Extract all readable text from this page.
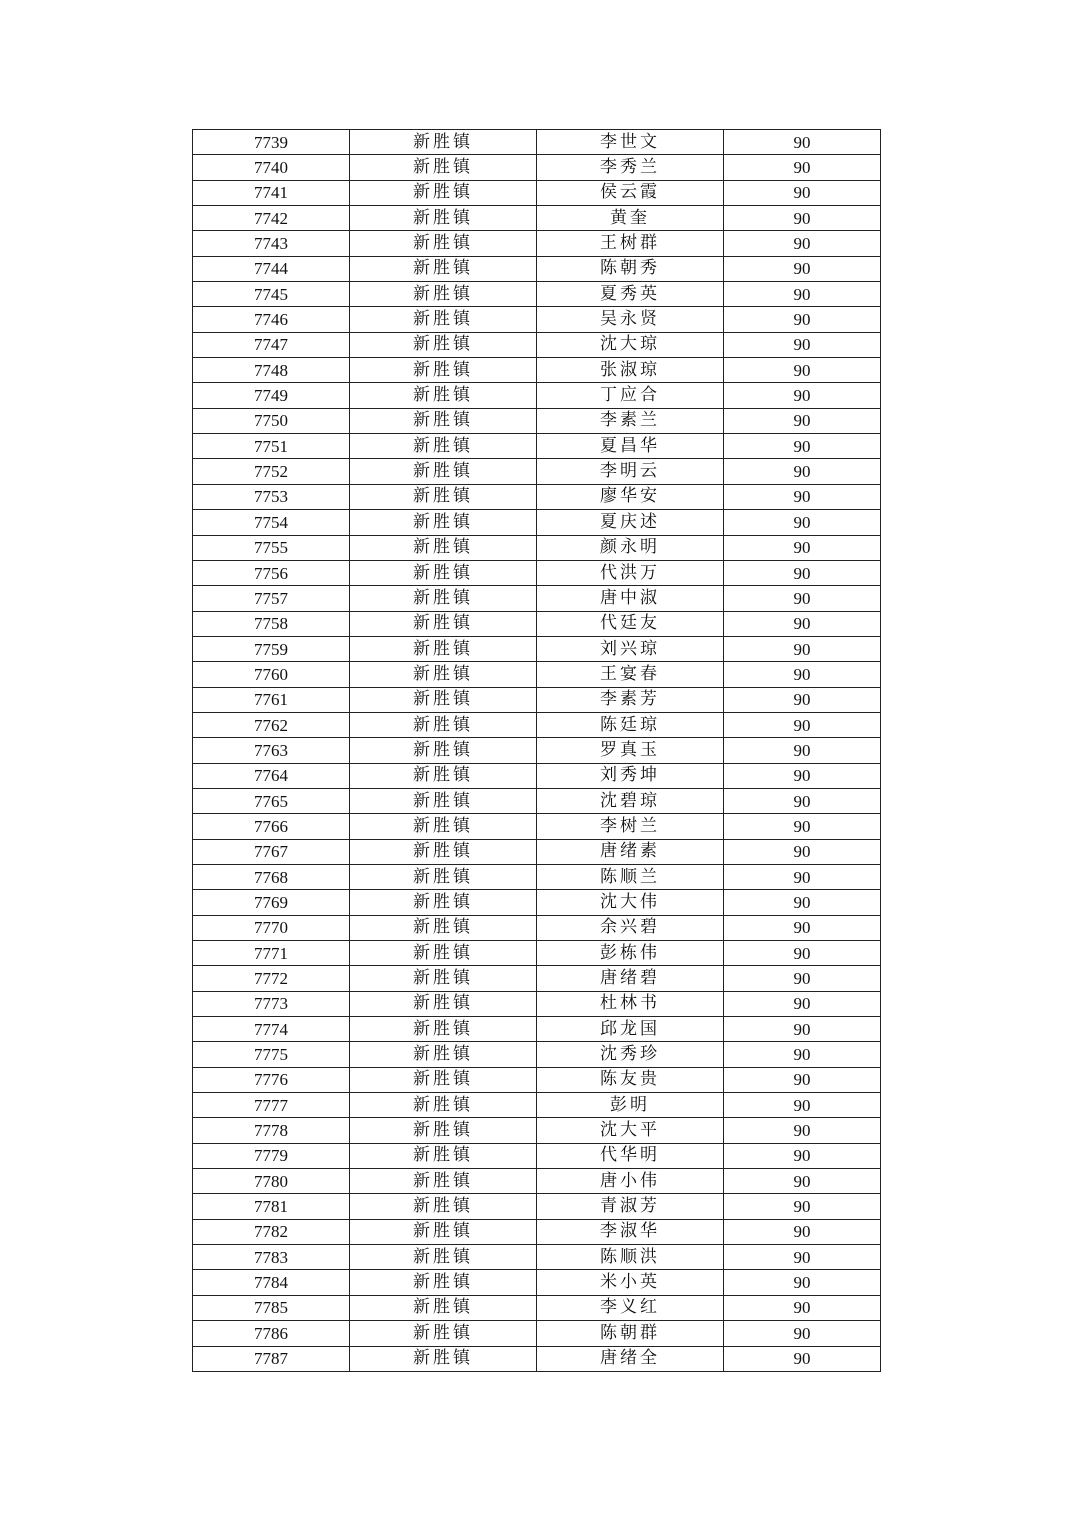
7739	新胜镇	李世文	90
7740	新胜镇	李秀兰	90
7741	新胜镇	侯云霞	90
7742	新胜镇	黄奎	90
7743	新胜镇	王树群	90
7744	新胜镇	陈朝秀	90
7745	新胜镇	夏秀英	90
7746	新胜镇	吴永贤	90
7747	新胜镇	沈大琼	90
7748	新胜镇	张淑琼	90
7749	新胜镇	丁应合	90
7750	新胜镇	李素兰	90
7751	新胜镇	夏昌华	90
7752	新胜镇	李明云	90
7753	新胜镇	廖华安	90
7754	新胜镇	夏庆述	90
7755	新胜镇	颜永明	90
7756	新胜镇	代洪万	90
7757	新胜镇	唐中淑	90
7758	新胜镇	代廷友	90
7759	新胜镇	刘兴琼	90
7760	新胜镇	王宴春	90
7761	新胜镇	李素芳	90
7762	新胜镇	陈廷琼	90
7763	新胜镇	罗真玉	90
7764	新胜镇	刘秀坤	90
7765	新胜镇	沈碧琼	90
7766	新胜镇	李树兰	90
7767	新胜镇	唐绪素	90
7768	新胜镇	陈顺兰	90
7769	新胜镇	沈大伟	90
7770	新胜镇	余兴碧	90
7771	新胜镇	彭栋伟	90
7772	新胜镇	唐绪碧	90
7773	新胜镇	杜林书	90
7774	新胜镇	邱龙国	90
7775	新胜镇	沈秀珍	90
7776	新胜镇	陈友贵	90
7777	新胜镇	彭明	90
7778	新胜镇	沈大平	90
7779	新胜镇	代华明	90
7780	新胜镇	唐小伟	90
7781	新胜镇	青淑芳	90
7782	新胜镇	李淑华	90
7783	新胜镇	陈顺洪	90
7784	新胜镇	米小英	90
7785	新胜镇	李义红	90
7786	新胜镇	陈朝群	90
7787	新胜镇	唐绪全	90
